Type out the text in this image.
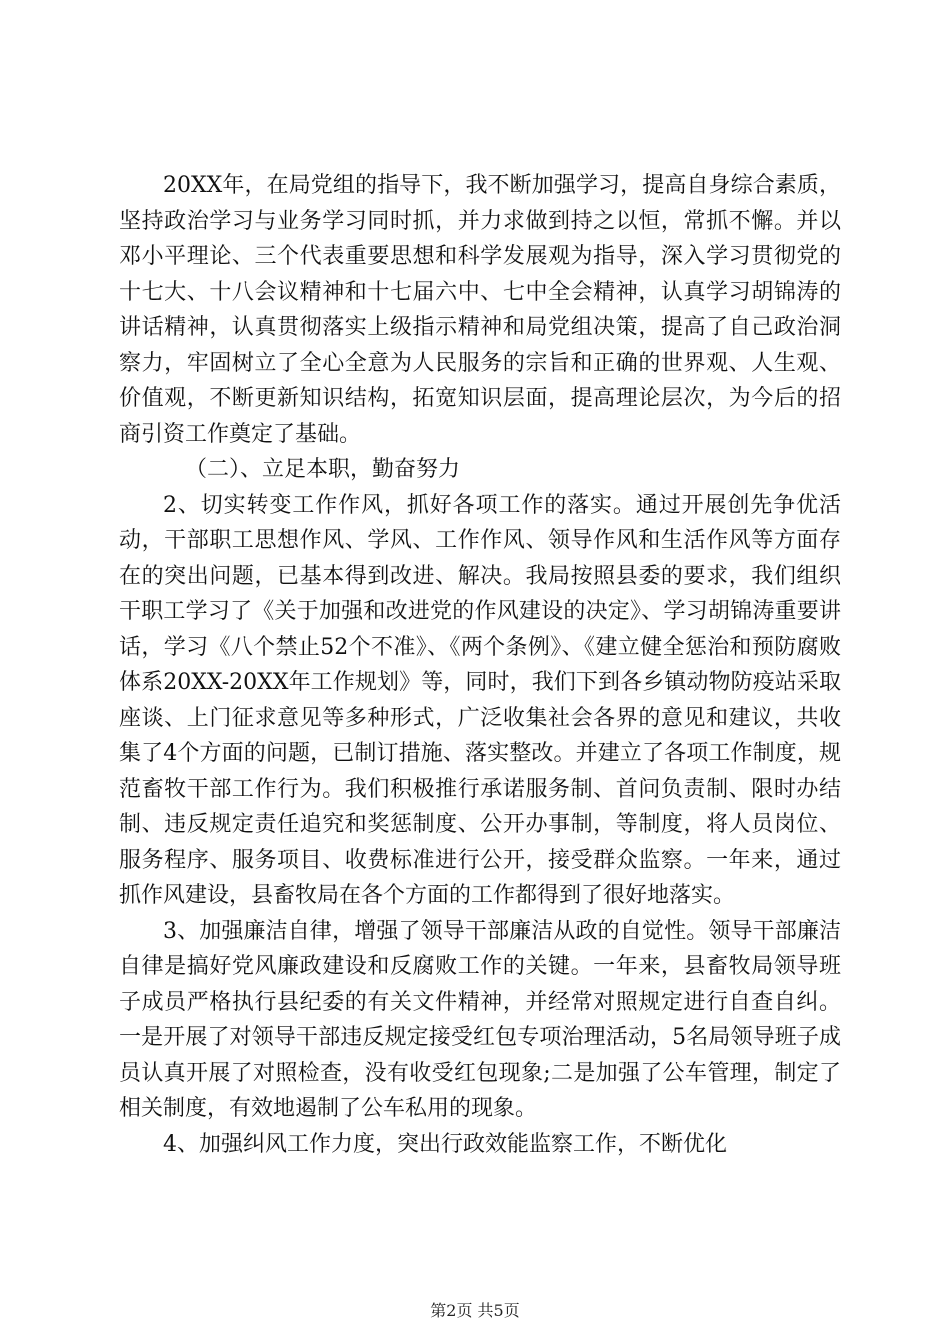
20XX年，在局党组的指导下，我不断加强学习，提高自身综合素质，坚持政治学习与业务学习同时抓，并力求做到持之以恒，常抓不懈。并以邓小平理论、三个代表重要思想和科学发展观为指导，深入学习贯彻党的十七大、十八会议精神和十七届六中、七中全会精神，认真学习胡锦涛的讲话精神，认真贯彻落实上级指示精神和局党组决策，提高了自己政治洞察力，牢固树立了全心全意为人民服务的宗旨和正确的世界观、人生观、价值观，不断更新知识结构，拓宽知识层面，提高理论层次，为今后的招商引资工作奠定了基础。

（二）、立足本职，勤奋努力

2、切实转变工作作风，抓好各项工作的落实。通过开展创先争优活动，干部职工思想作风、学风、工作作风、领导作风和生活作风等方面存在的突出问题，已基本得到改进、解决。我局按照县委的要求，我们组织干职工学习了《关于加强和改进党的作风建设的决定》、学习胡锦涛重要讲话，学习《八个禁止52个不准》、《两个条例》、《建立健全惩治和预防腐败体系20XX-20XX年工作规划》等，同时，我们下到各乡镇动物防疫站采取座谈、上门征求意见等多种形式，广泛收集社会各界的意见和建议，共收集了4个方面的问题，已制订措施、落实整改。并建立了各项工作制度，规范畜牧干部工作行为。我们积极推行承诺服务制、首问负责制、限时办结制、违反规定责任追究和奖惩制度、公开办事制，等制度，将人员岗位、服务程序、服务项目、收费标准进行公开，接受群众监察。一年来，通过抓作风建设，县畜牧局在各个方面的工作都得到了很好地落实。

3、加强廉洁自律，增强了领导干部廉洁从政的自觉性。领导干部廉洁自律是搞好党风廉政建设和反腐败工作的关键。一年来，县畜牧局领导班子成员严格执行县纪委的有关文件精神，并经常对照规定进行自查自纠。一是开展了对领导干部违反规定接受红包专项治理活动，5名局领导班子成员认真开展了对照检查，没有收受红包现象;二是加强了公车管理，制定了相关制度，有效地遏制了公车私用的现象。

4、加强纠风工作力度，突出行政效能监察工作，不断优化

第2页 共5页
